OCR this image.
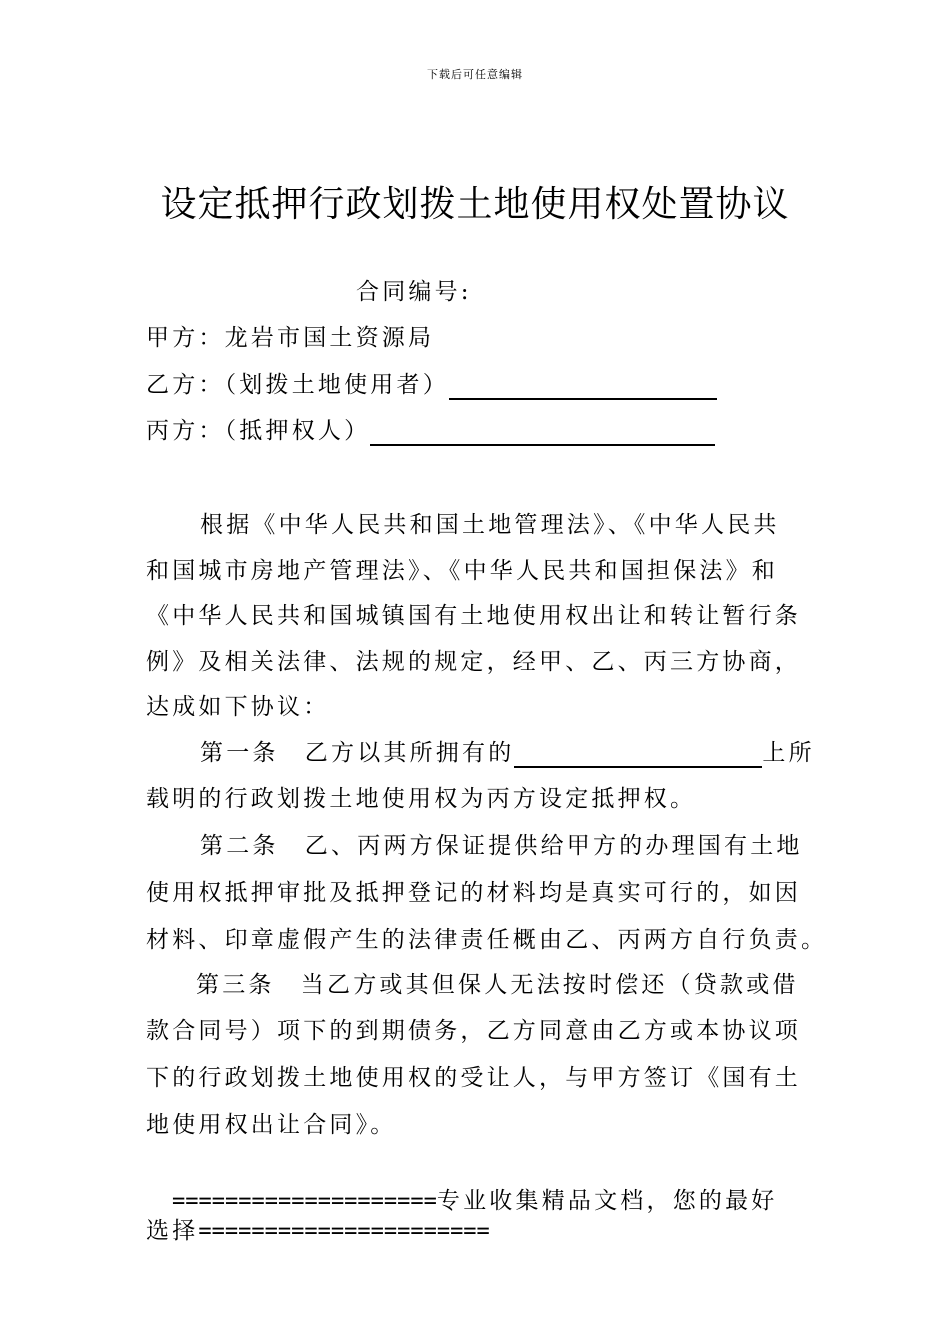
下载后可任意编辑
设定抵押行政划拨土地使用权处置协议
合同编号:
甲方：龙岩市国土资源局
乙方：（划拨土地使用者）
丙方：（抵押权人）
根据《中华人民共和国土地管理法》、《中华人民共
和国城市房地产管理法》、《中华人民共和国担保法》和
《中华人民共和国城镇国有土地使用权出让和转让暂行条
例》及相关法律、法规的规定，经甲、乙、丙三方协商，
达成如下协议：
第一条　乙方以其所拥有的	上所
载明的行政划拨土地使用权为丙方设定抵押权。
第二条　乙、丙两方保证提供给甲方的办理国有土地
使用权抵押审批及抵押登记的材料均是真实可行的，如因
材料、印章虚假产生的法律责任概由乙、丙两方自行负责。
第三条　当乙方或其但保人无法按时偿还（贷款或借
款合同号）项下的到期债务，乙方同意由乙方或本协议项
下的行政划拨土地使用权的受让人，与甲方签订《国有土
地使用权出让合同》。
====================专业收集精品文档，您的最好
选择======================
